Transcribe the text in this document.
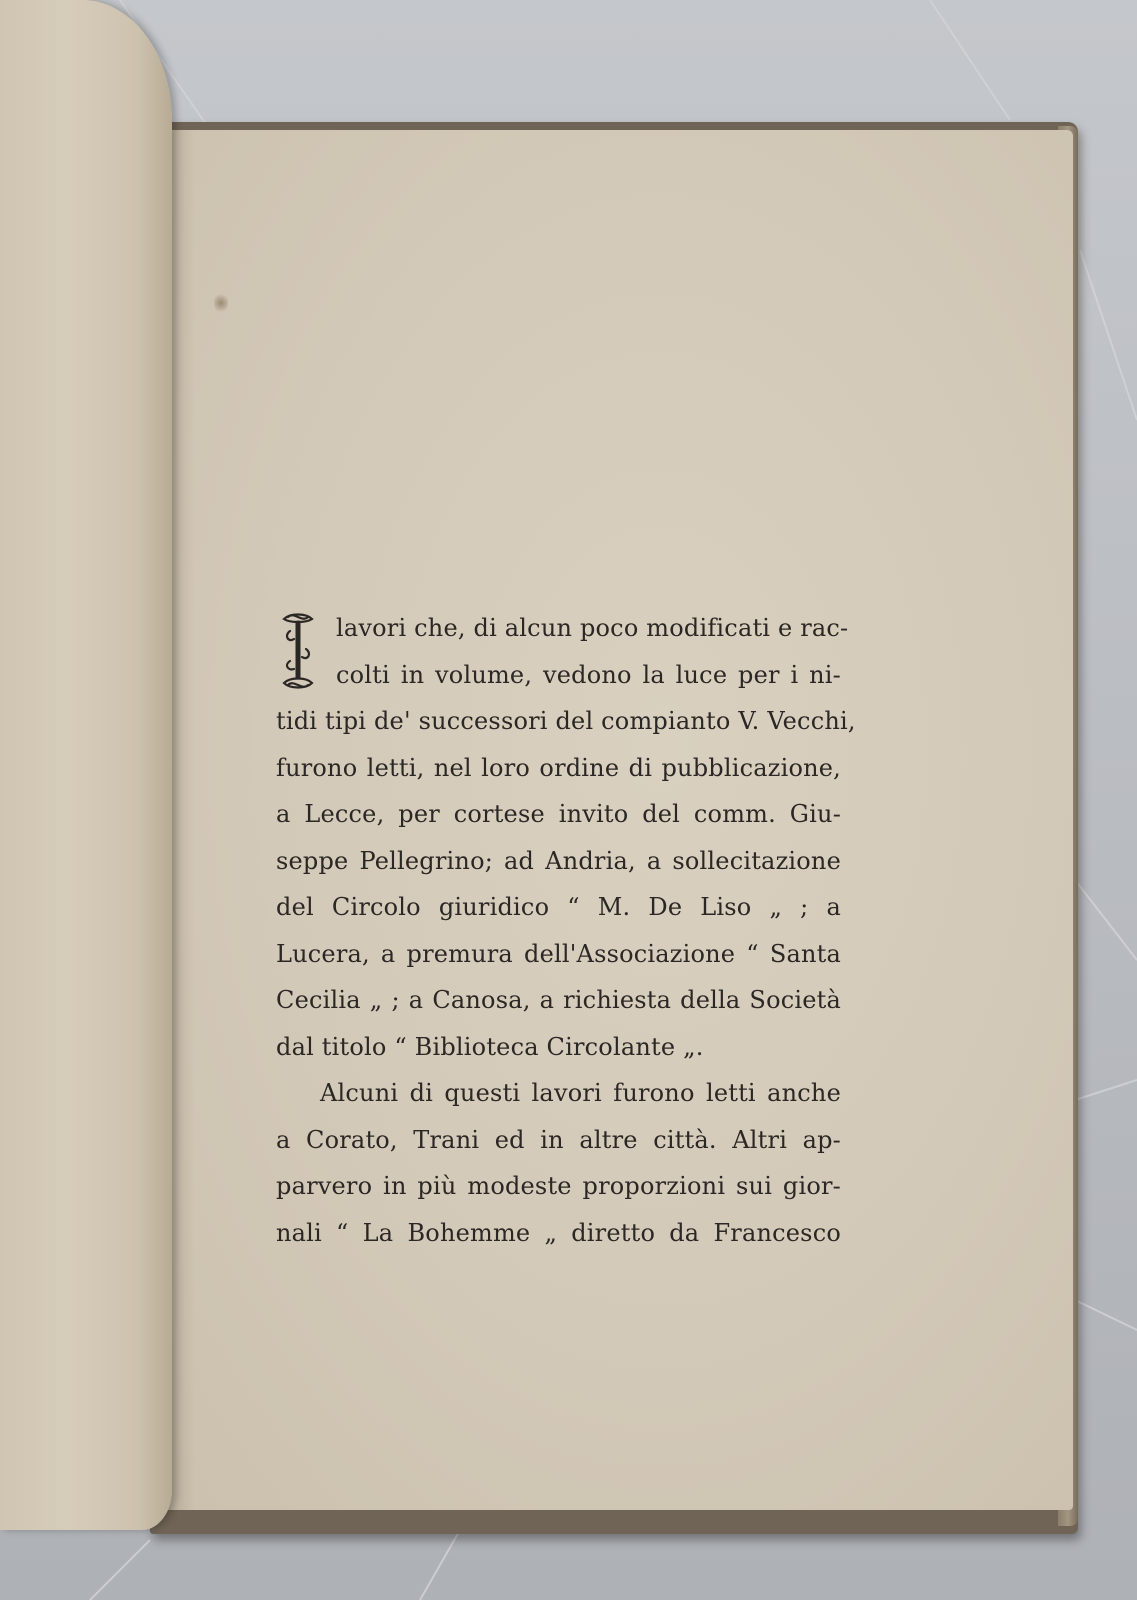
lavori che, di alcun poco modificati e rac-
colti in volume, vedono la luce per i ni-
tidi tipi de' successori del compianto V. Vecchi,
furono letti, nel loro ordine di pubblicazione,
a Lecce, per cortese invito del comm. Giu-
seppe Pellegrino; ad Andria, a sollecitazione
del Circolo giuridico “ M. De Liso „ ; a
Lucera, a premura dell'Associazione “ Santa
Cecilia „ ; a Canosa, a richiesta della Società
dal titolo “ Biblioteca Circolante „.
Alcuni di questi lavori furono letti anche
a Corato, Trani ed in altre città. Altri ap-
parvero in più modeste proporzioni sui gior-
nali “ La Bohemme „ diretto da Francesco
